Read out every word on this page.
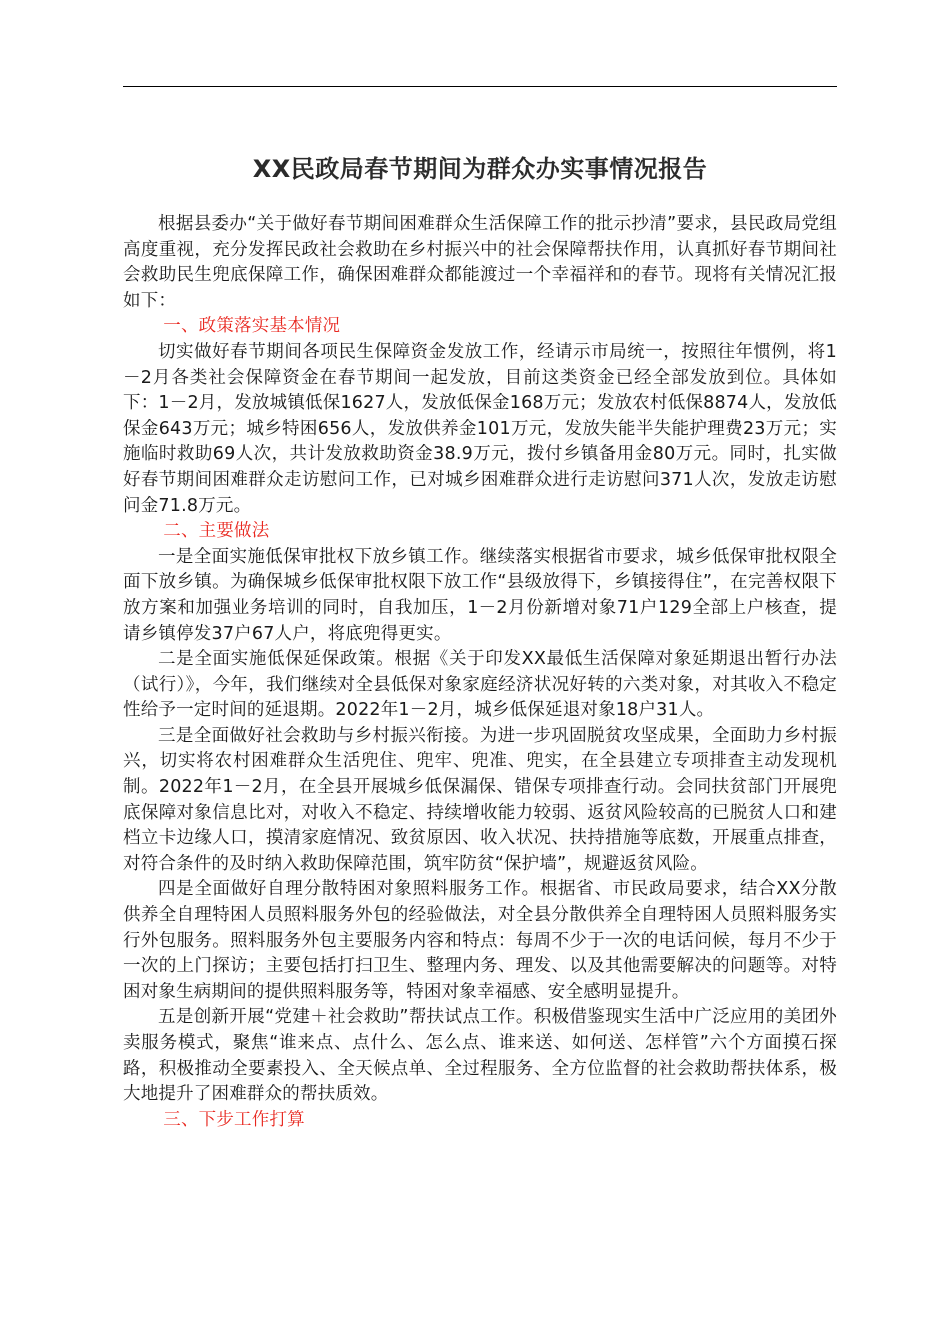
XX民政局春节期间为群众办实事情况报告

根据县委办“关于做好春节期间困难群众生活保障工作的批示抄清”要求，县民政局党组高度重视，充分发挥民政社会救助在乡村振兴中的社会保障帮扶作用，认真抓好春节期间社会救助民生兜底保障工作，确保困难群众都能渡过一个幸福祥和的春节。现将有关情况汇报如下：

一、政策落实基本情况

切实做好春节期间各项民生保障资金发放工作，经请示市局统一，按照往年惯例，将1－2月各类社会保障资金在春节期间一起发放，目前这类资金已经全部发放到位。具体如下：1－2月，发放城镇低保1627人，发放低保金168万元；发放农村低保8874人，发放低保金643万元；城乡特困656人，发放供养金101万元，发放失能半失能护理费23万元；实施临时救助69人次，共计发放救助资金38.9万元，拨付乡镇备用金80万元。同时，扎实做好春节期间困难群众走访慰问工作，已对城乡困难群众进行走访慰问371人次，发放走访慰问金71.8万元。

二、主要做法

一是全面实施低保审批权下放乡镇工作。继续落实根据省市要求，城乡低保审批权限全面下放乡镇。为确保城乡低保审批权限下放工作“县级放得下，乡镇接得住”，在完善权限下放方案和加强业务培训的同时，自我加压，1－2月份新增对象71户129全部上户核查，提请乡镇停发37户67人户，将底兜得更实。

二是全面实施低保延保政策。根据《关于印发XX最低生活保障对象延期退出暂行办法（试行）》，今年，我们继续对全县低保对象家庭经济状况好转的六类对象，对其收入不稳定性给予一定时间的延退期。2022年1－2月，城乡低保延退对象18户31人。

三是全面做好社会救助与乡村振兴衔接。为进一步巩固脱贫攻坚成果，全面助力乡村振兴，切实将农村困难群众生活兜住、兜牢、兜准、兜实，在全县建立专项排查主动发现机制。2022年1－2月，在全县开展城乡低保漏保、错保专项排查行动。会同扶贫部门开展兜底保障对象信息比对，对收入不稳定、持续增收能力较弱、返贫风险较高的已脱贫人口和建档立卡边缘人口，摸清家庭情况、致贫原因、收入状况、扶持措施等底数，开展重点排查，对符合条件的及时纳入救助保障范围，筑牢防贫“保护墙”，规避返贫风险。

四是全面做好自理分散特困对象照料服务工作。根据省、市民政局要求，结合XX分散供养全自理特困人员照料服务外包的经验做法，对全县分散供养全自理特困人员照料服务实行外包服务。照料服务外包主要服务内容和特点：每周不少于一次的电话问候，每月不少于一次的上门探访；主要包括打扫卫生、整理内务、理发、以及其他需要解决的问题等。对特困对象生病期间的提供照料服务等，特困对象幸福感、安全感明显提升。

五是创新开展“党建＋社会救助”帮扶试点工作。积极借鉴现实生活中广泛应用的美团外卖服务模式，聚焦“谁来点、点什么、怎么点、谁来送、如何送、怎样管”六个方面摸石探路，积极推动全要素投入、全天候点单、全过程服务、全方位监督的社会救助帮扶体系，极大地提升了困难群众的帮扶质效。

三、下步工作打算
